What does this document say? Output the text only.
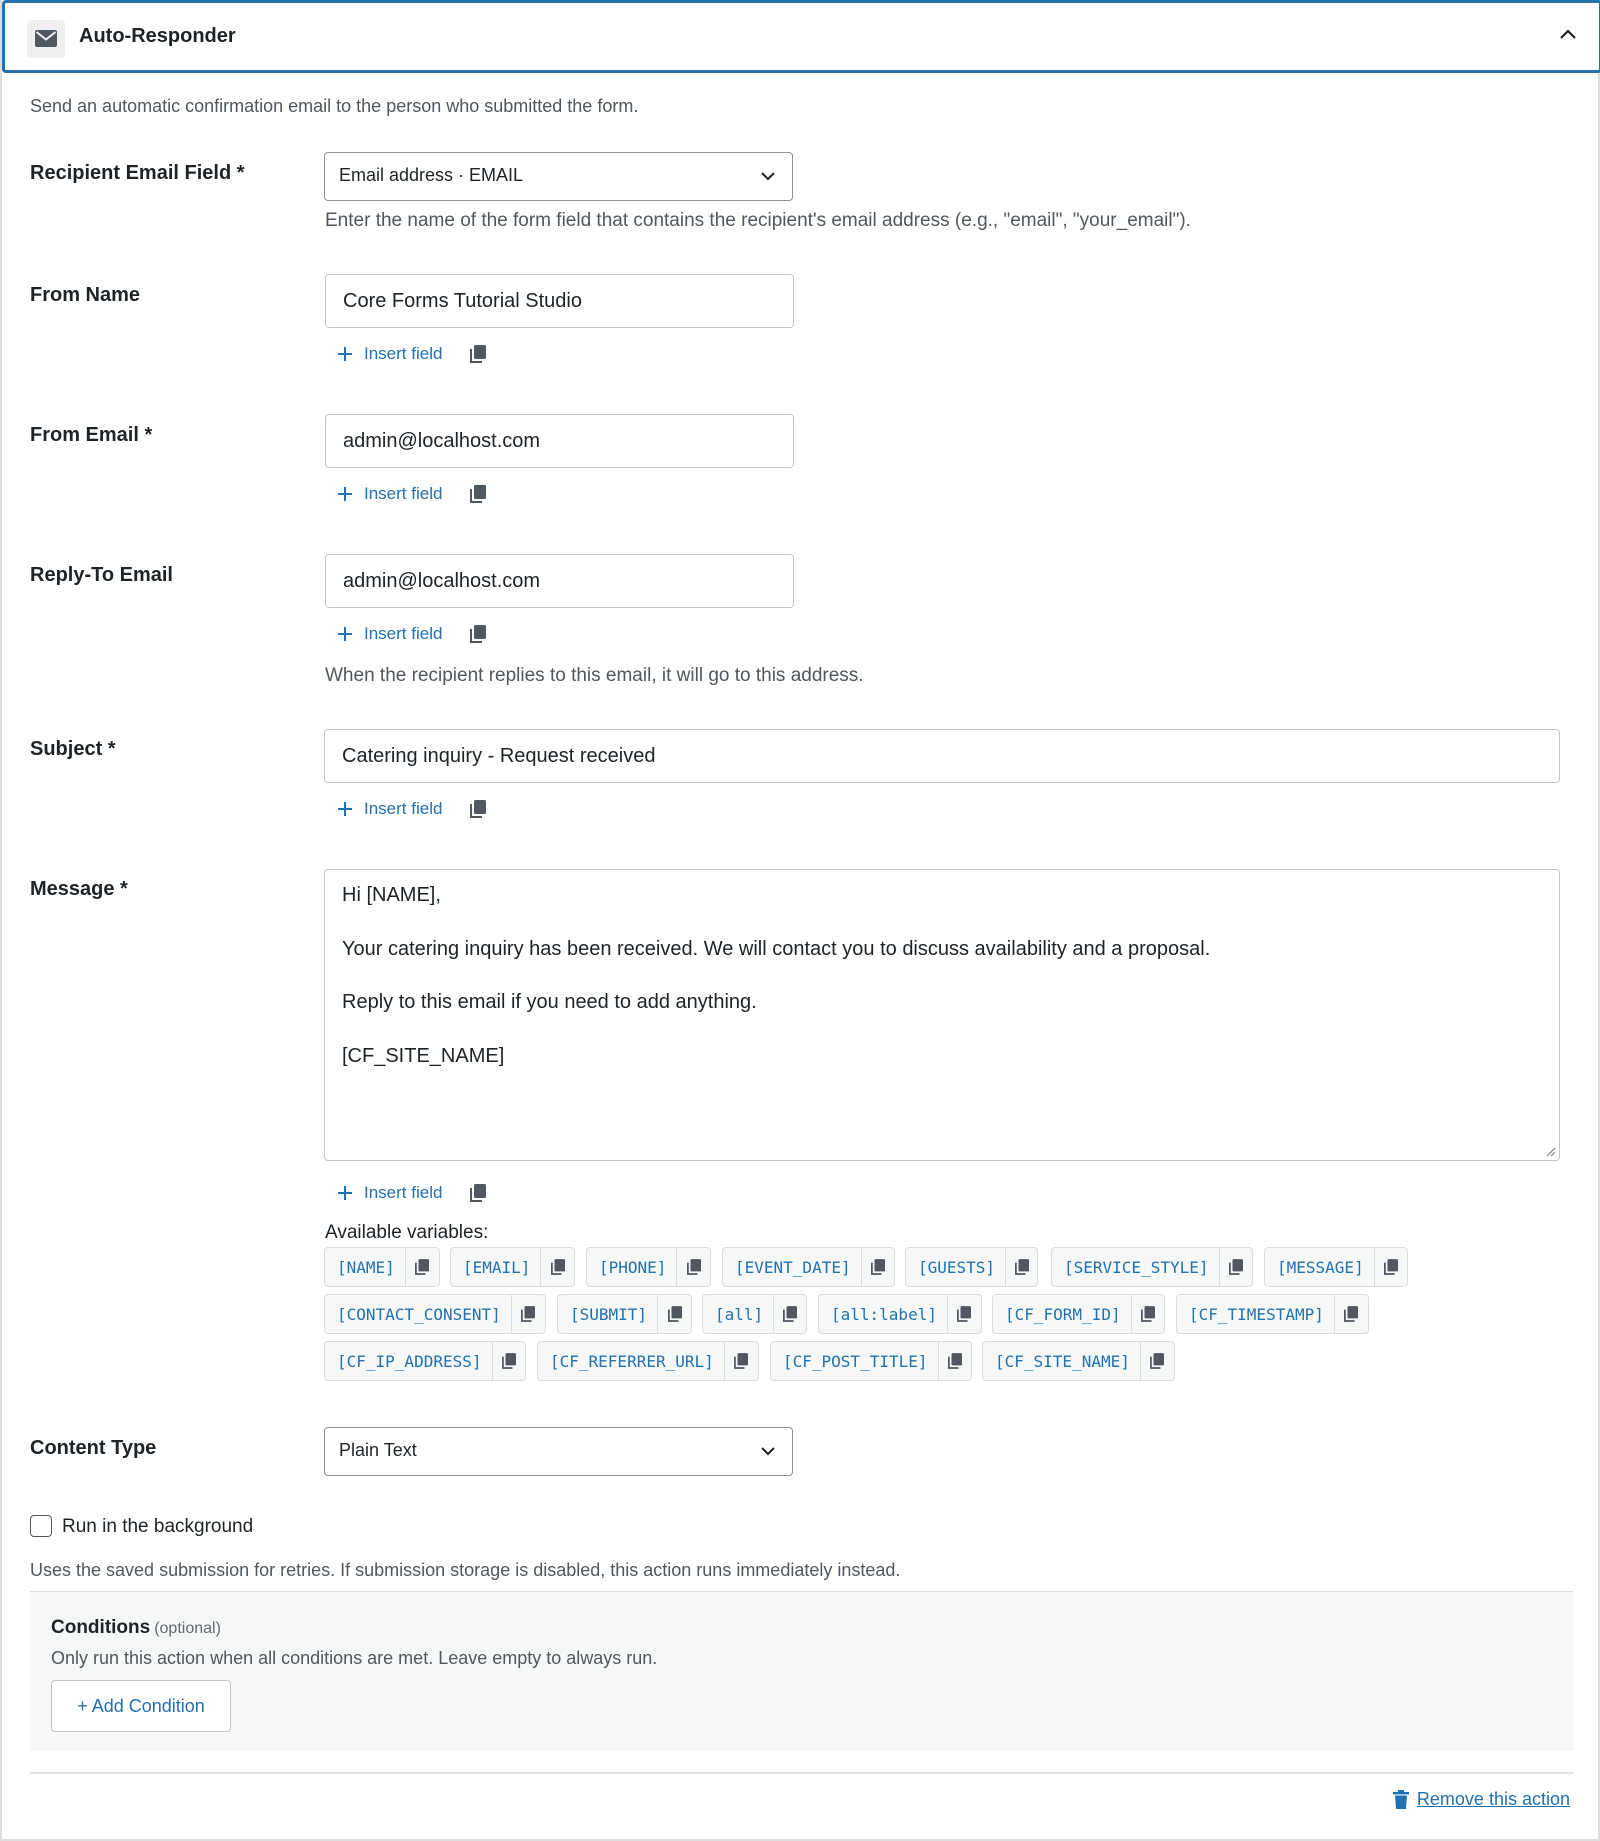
Auto-Responder
Send an automatic confirmation email to the person who submitted the form.
Recipient Email Field *	Email address · EMAIL
Enter the name of the form field that contains the recipient's email address (e.g., "email", "your_email").
From Name	Core Forms Tutorial Studio
Insert field
From Email *	admin@localhost.com
Insert field
Reply-To Email	admin@localhost.com
Insert field
When the recipient replies to this email, it will go to this address.
Subject *	Catering inquiry - Request received
Insert field
Message *	Hi [NAME],
Your catering inquiry has been received. We will contact you to discuss availability and a proposal.
Reply to this email if you need to add anything.
[CF_SITE_NAME]
Insert field
Available variables:
[NAME]	[EMAIL]	[PHONE]	[EVENT_DATE]	[GUESTS]	[SERVICE_STYLE]	[MESSAGE]
[CONTACT_CONSENT]	[SUBMIT]	[all]	[all:label]	[CF_FORM_ID]	[CF_TIMESTAMP]
[CF_IP_ADDRESS]	[CF_REFERRER_URL]	[CF_POST_TITLE]	[CF_SITE_NAME]
Content Type	Plain Text
Run in the background
Uses the saved submission for retries. If submission storage is disabled, this action runs immediately instead.
Conditions (optional)
Only run this action when all conditions are met. Leave empty to always run.
+ Add Condition
Remove this action
